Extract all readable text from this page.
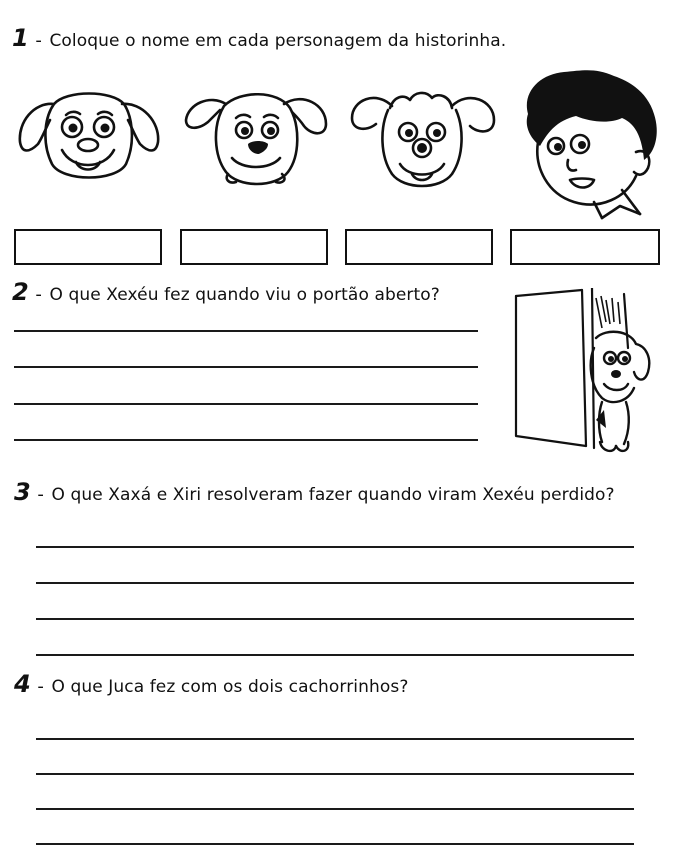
1 - Coloque o nome em cada personagem da historinha.
2 - O que Xexéu fez quando viu o portão aberto?
3 - O que Xaxá e Xiri resolveram fazer quando viram Xexéu perdido?
4 - O que Juca fez com os dois cachorrinhos?
